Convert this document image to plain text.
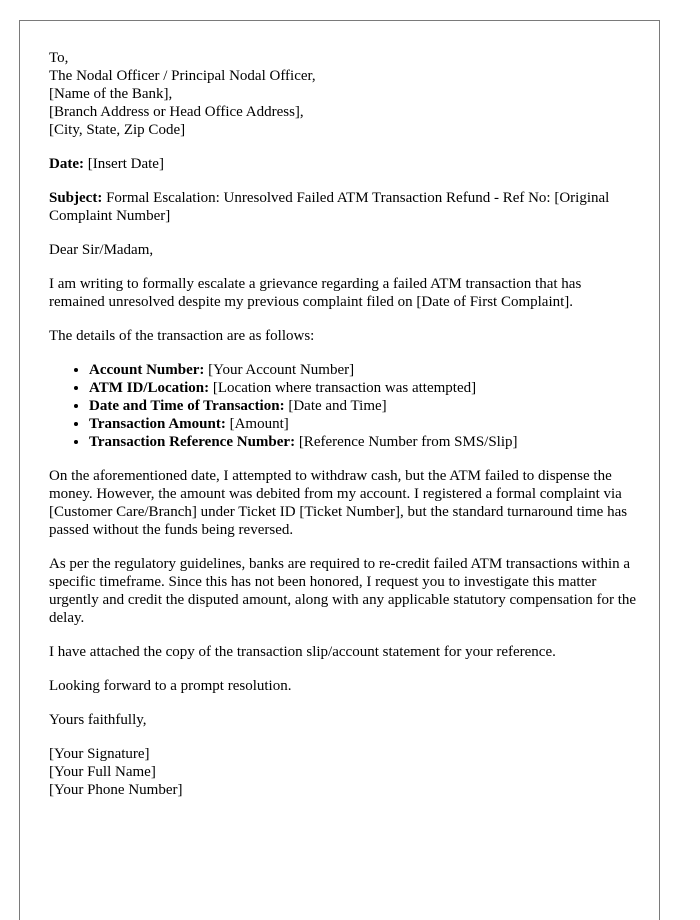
To,
The Nodal Officer / Principal Nodal Officer,
[Name of the Bank],
[Branch Address or Head Office Address],
[City, State, Zip Code]
Date: [Insert Date]
Subject: Formal Escalation: Unresolved Failed ATM Transaction Refund - Ref No: [Original Complaint Number]
Dear Sir/Madam,
I am writing to formally escalate a grievance regarding a failed ATM transaction that has remained unresolved despite my previous complaint filed on [Date of First Complaint].
The details of the transaction are as follows:
• Account Number: [Your Account Number]
• ATM ID/Location: [Location where transaction was attempted]
• Date and Time of Transaction: [Date and Time]
• Transaction Amount: [Amount]
• Transaction Reference Number: [Reference Number from SMS/Slip]
On the aforementioned date, I attempted to withdraw cash, but the ATM failed to dispense the money. However, the amount was debited from my account. I registered a formal complaint via [Customer Care/Branch] under Ticket ID [Ticket Number], but the standard turnaround time has passed without the funds being reversed.
As per the regulatory guidelines, banks are required to re-credit failed ATM transactions within a specific timeframe. Since this has not been honored, I request you to investigate this matter urgently and credit the disputed amount, along with any applicable statutory compensation for the delay.
I have attached the copy of the transaction slip/account statement for your reference.
Looking forward to a prompt resolution.
Yours faithfully,
[Your Signature]
[Your Full Name]
[Your Phone Number]
